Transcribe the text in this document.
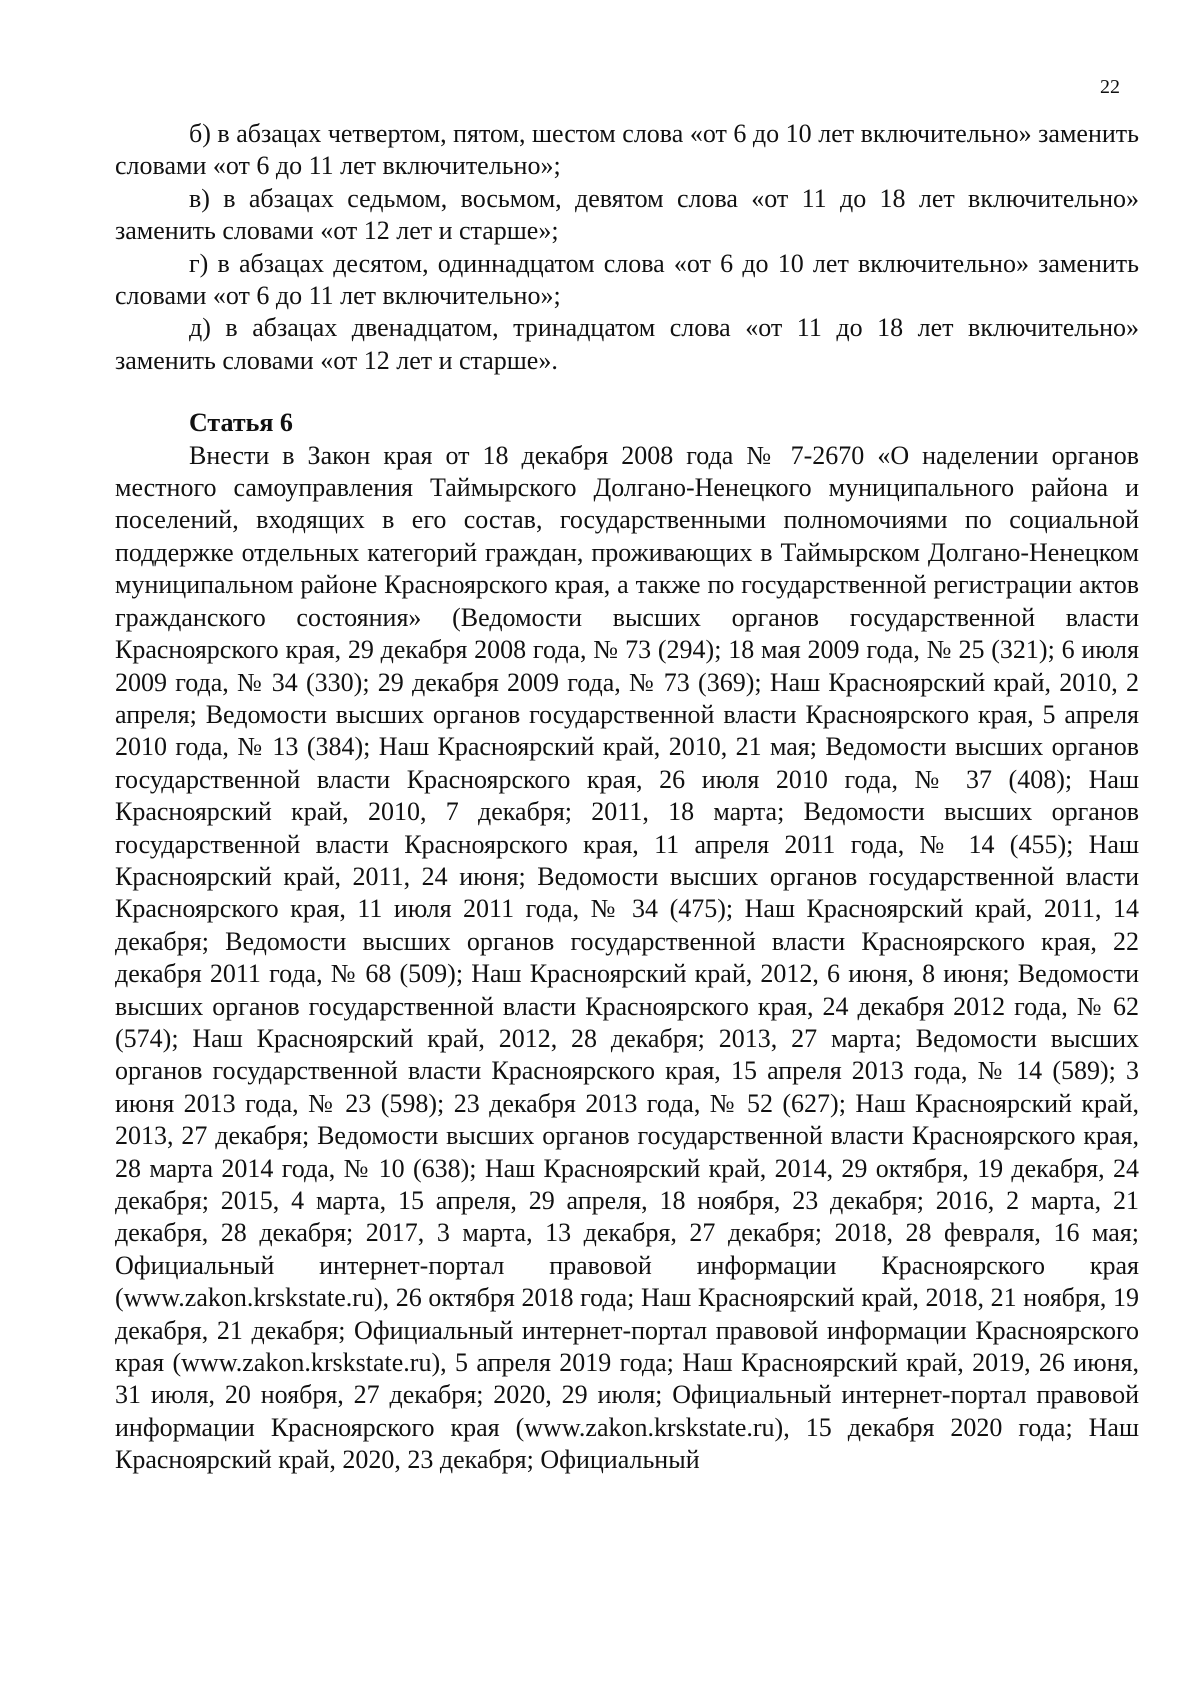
22

б) в абзацах четвертом, пятом, шестом слова «от 6 до 10 лет включительно» заменить словами «от 6 до 11 лет включительно»;

в) в абзацах седьмом, восьмом, девятом слова «от 11 до 18 лет включительно» заменить словами «от 12 лет и старше»;

г) в абзацах десятом, одиннадцатом слова «от 6 до 10 лет включительно» заменить словами «от 6 до 11 лет включительно»;

д) в абзацах двенадцатом, тринадцатом слова «от 11 до 18 лет включительно» заменить словами «от 12 лет и старше».

Статья 6

Внести в Закон края от 18 декабря 2008 года № 7-2670 «О наделении органов местного самоуправления Таймырского Долгано-Ненецкого муниципального района и поселений, входящих в его состав, государственными полномочиями по социальной поддержке отдельных категорий граждан, проживающих в Таймырском Долгано-Ненецком муниципальном районе Красноярского края, а также по государственной регистрации актов гражданского состояния» (Ведомости высших органов государственной власти Красноярского края, 29 декабря 2008 года, № 73 (294); 18 мая 2009 года, № 25 (321); 6 июля 2009 года, № 34 (330); 29 декабря 2009 года, № 73 (369); Наш Красноярский край, 2010, 2 апреля; Ведомости высших органов государственной власти Красноярского края, 5 апреля 2010 года, № 13 (384); Наш Красноярский край, 2010, 21 мая; Ведомости высших органов государственной власти Красноярского края, 26 июля 2010 года, № 37 (408); Наш Красноярский край, 2010, 7 декабря; 2011, 18 марта; Ведомости высших органов государственной власти Красноярского края, 11 апреля 2011 года, № 14 (455); Наш Красноярский край, 2011, 24 июня; Ведомости высших органов государственной власти Красноярского края, 11 июля 2011 года, № 34 (475); Наш Красноярский край, 2011, 14 декабря; Ведомости высших органов государственной власти Красноярского края, 22 декабря 2011 года, № 68 (509); Наш Красноярский край, 2012, 6 июня, 8 июня; Ведомости высших органов государственной власти Красноярского края, 24 декабря 2012 года, № 62 (574); Наш Красноярский край, 2012, 28 декабря; 2013, 27 марта; Ведомости высших органов государственной власти Красноярского края, 15 апреля 2013 года, № 14 (589); 3 июня 2013 года, № 23 (598); 23 декабря 2013 года, № 52 (627); Наш Красноярский край, 2013, 27 декабря; Ведомости высших органов государственной власти Красноярского края, 28 марта 2014 года, № 10 (638); Наш Красноярский край, 2014, 29 октября, 19 декабря, 24 декабря; 2015, 4 марта, 15 апреля, 29 апреля, 18 ноября, 23 декабря; 2016, 2 марта, 21 декабря, 28 декабря; 2017, 3 марта, 13 декабря, 27 декабря; 2018, 28 февраля, 16 мая; Официальный интернет-портал правовой информации Красноярского края (www.zakon.krskstate.ru), 26 октября 2018 года; Наш Красноярский край, 2018, 21 ноября, 19 декабря, 21 декабря; Официальный интернет-портал правовой информации Красноярского края (www.zakon.krskstate.ru), 5 апреля 2019 года; Наш Красноярский край, 2019, 26 июня, 31 июля, 20 ноября, 27 декабря; 2020, 29 июля; Официальный интернет-портал правовой информации Красноярского края (www.zakon.krskstate.ru), 15 декабря 2020 года; Наш Красноярский край, 2020, 23 декабря; Официальный
